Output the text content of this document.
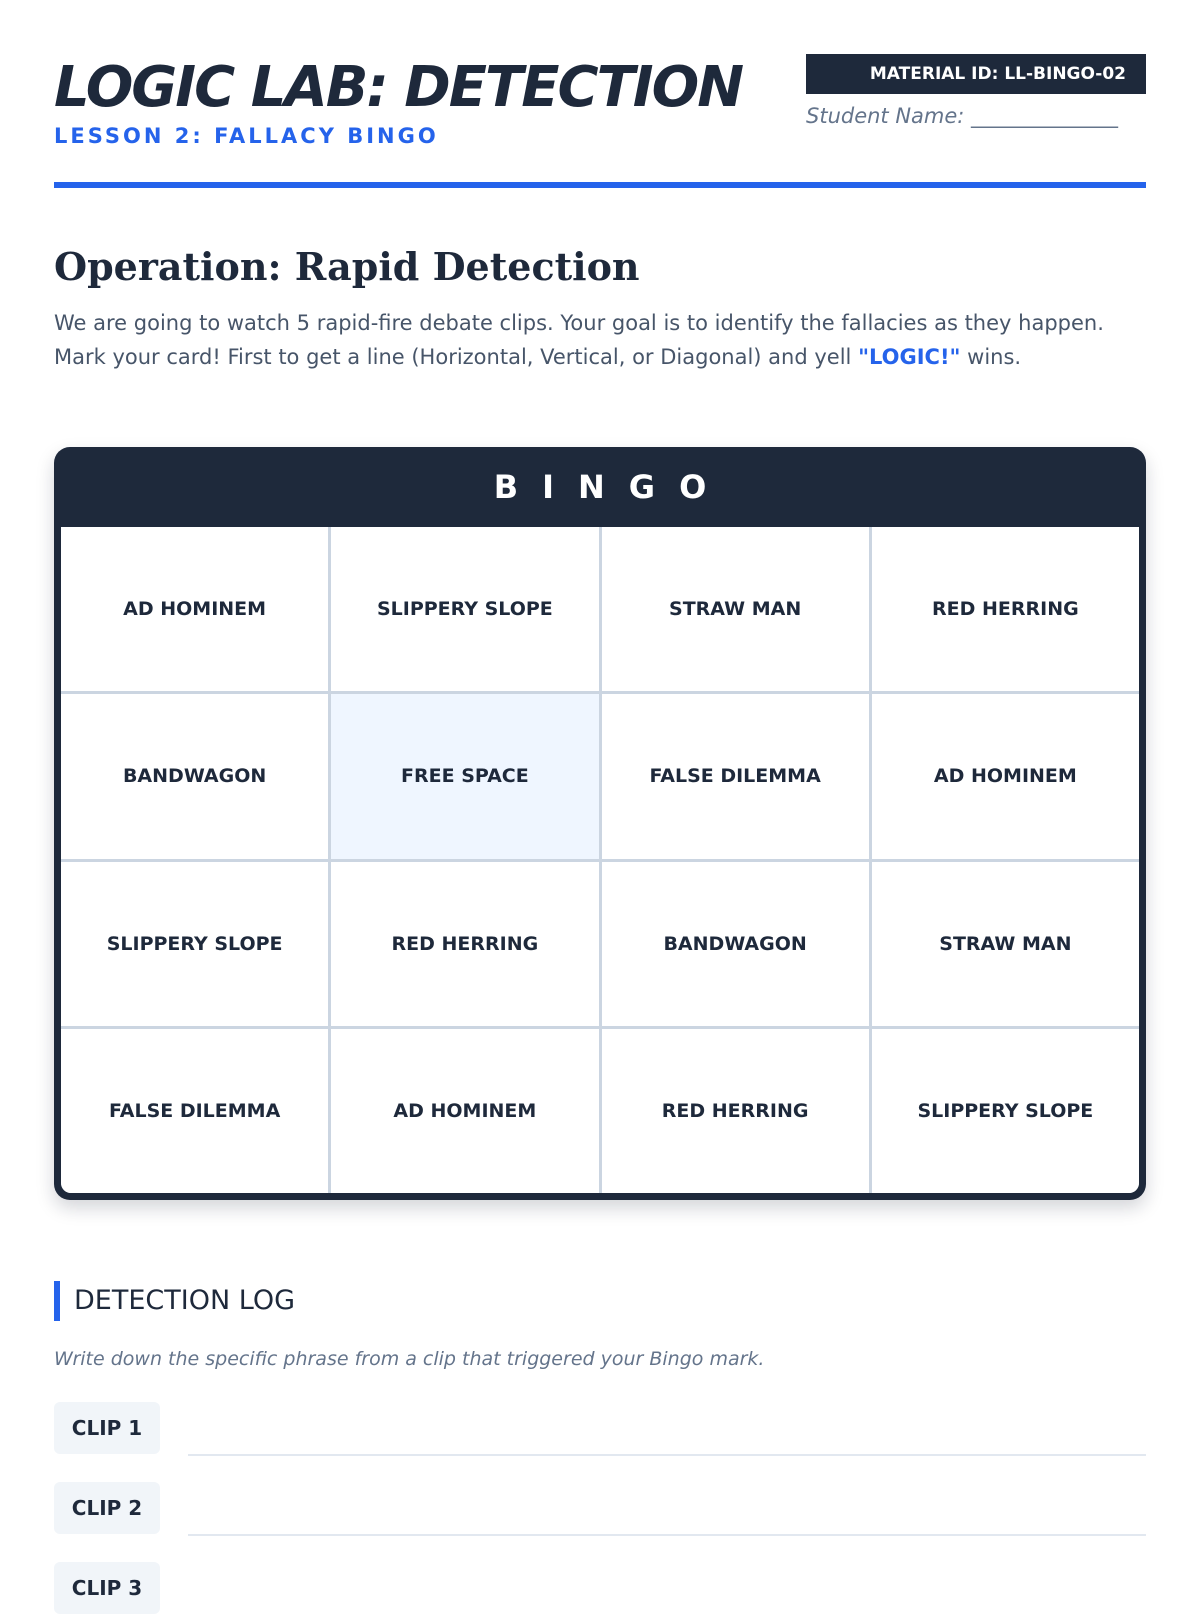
LOGIC LAB: DETECTION
LESSON 2: FALLACY BINGO
MATERIAL ID: LL-BINGO-02
Student Name: ______________
Operation: Rapid Detection

We are going to watch 5 rapid-fire debate clips. Your goal is to identify the fallacies as they happen. Mark your card! First to get a line (Horizontal, Vertical, or Diagonal) and yell "LOGIC!" wins.

BINGO
AD HOMINEM	SLIPPERY SLOPE	STRAW MAN	RED HERRING
BANDWAGON	FREE SPACE	FALSE DILEMMA	AD HOMINEM
SLIPPERY SLOPE	RED HERRING	BANDWAGON	STRAW MAN
FALSE DILEMMA	AD HOMINEM	RED HERRING	SLIPPERY SLOPE
DETECTION LOG

Write down the specific phrase from a clip that triggered your Bingo mark.

CLIP 1
CLIP 2
CLIP 3
